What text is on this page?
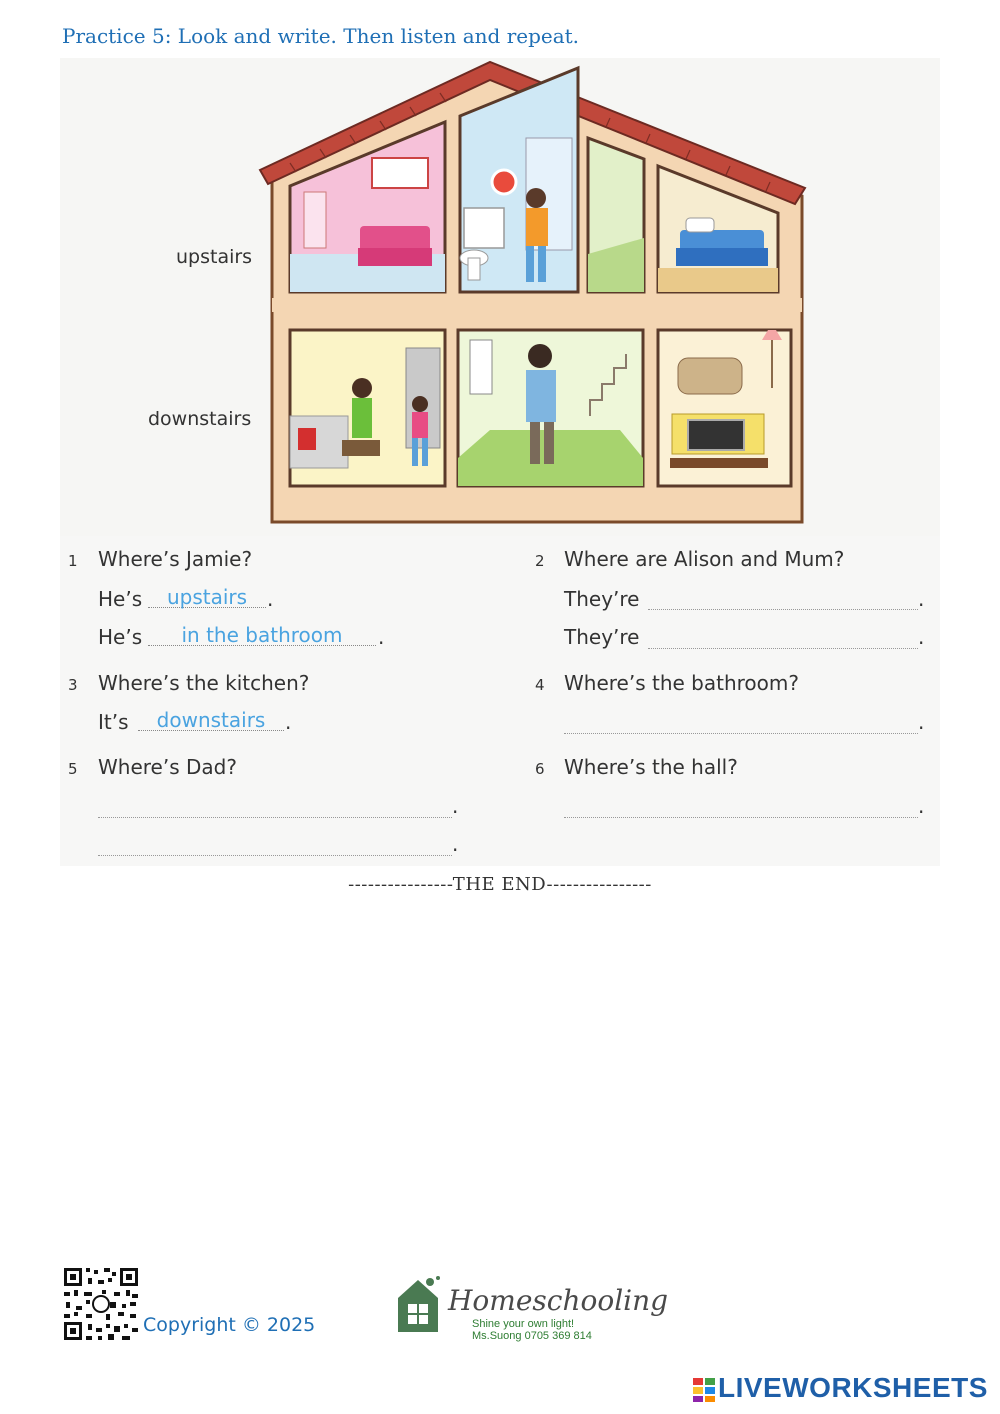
Practice 5: Look and write. Then listen and repeat.
upstairs
downstairs
1 Where’s Jamie?
He’s	upstairs .
He’s	in the bathroom	.
2 Where are Alison and Mum?
They’re	.
They’re	.
3 Where’s the kitchen?
It’s	downstairs .
4 Where’s the bathroom?
.
5 Where’s Dad?
.
.
6 Where’s the hall?
.
----------------THE END----------------
Copyright © 2025
Homeschooling
Shine your own light!
Ms.Suong 0705 369 814
LIVEWORKSHEETS
